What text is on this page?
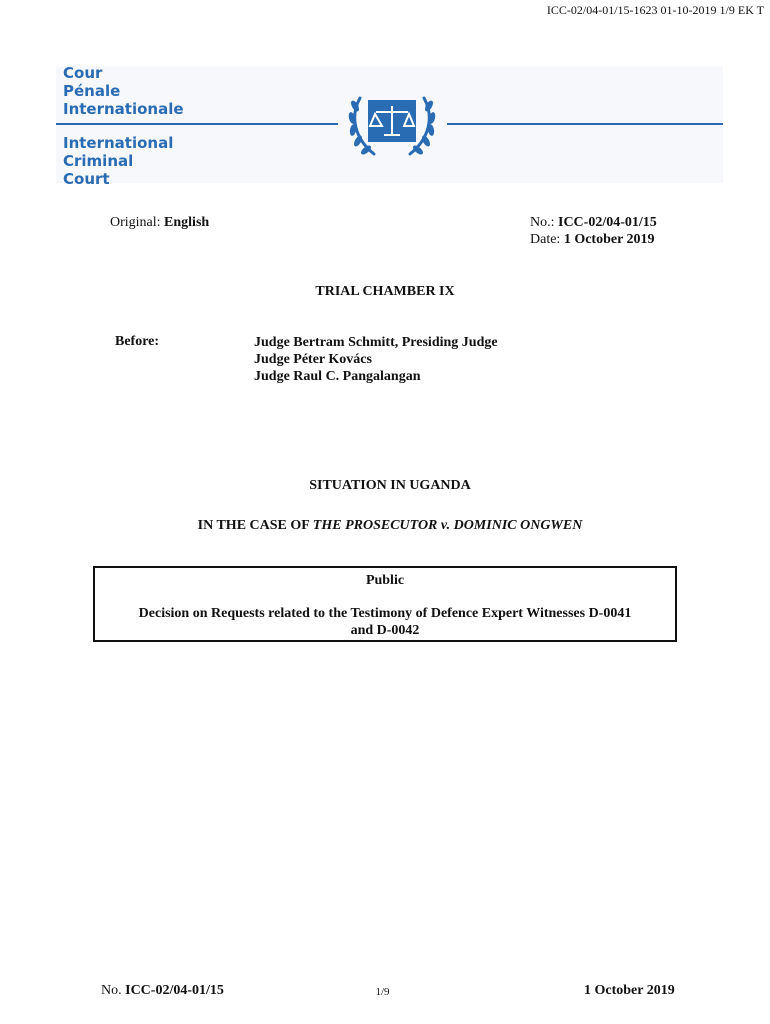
ICC-02/04-01/15-1623 01-10-2019 1/9 EK T
Cour
Pénale
Internationale
International
Criminal
Court
Original: English	No.: ICC-02/04-01/15
Date: 1 October 2019
TRIAL CHAMBER IX
Before:	Judge Bertram Schmitt, Presiding Judge
Judge Péter Kovács
Judge Raul C. Pangalangan
SITUATION IN UGANDA
IN THE CASE OF THE PROSECUTOR v. DOMINIC ONGWEN
Public
Decision on Requests related to the Testimony of Defence Expert Witnesses D-0041
and D-0042
No. ICC-02/04-01/15	1/9	1 October 2019
